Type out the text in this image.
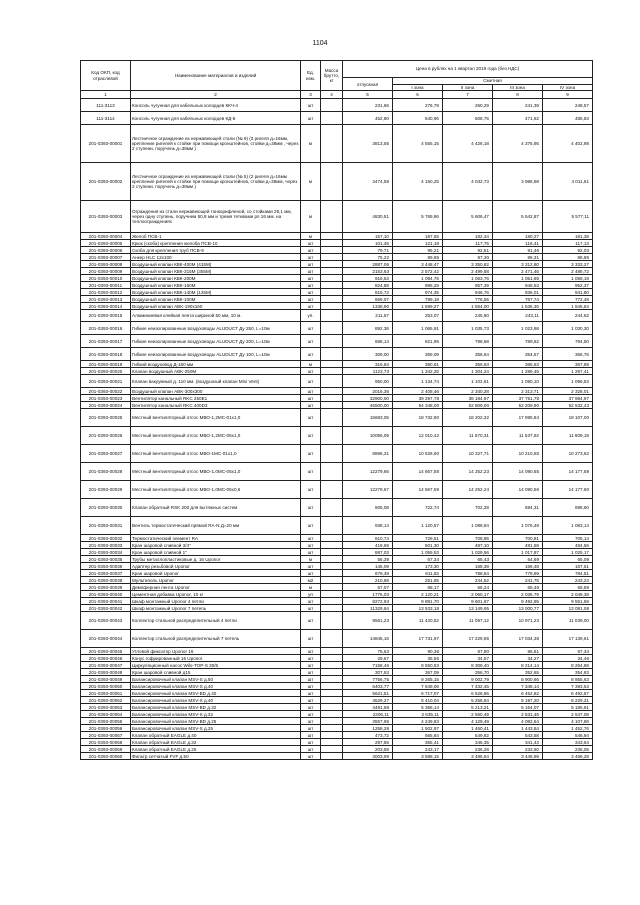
1104
Код ОКП, код отраслевой	Наименование материалов и изделий	Ед. изм.	Масса брутто, кг	Цена в рублях на 1 квартал 2019 года (без НДС)				
				отпускная	Сметная			
					I зона	II зона	III зона	IV зона
1	2	3	4	5	6	7	8	9
111-3113	Консоль чугунная для кабельных колодцев ККЧ-4	шт		231,66	276,79	260,29	241,39	248,57
111-3114	Консоль чугунная для кабельных колодцев КД-6	шт		452,80	540,96	508,75	471,62	485,83
201-0393-00001	Лестничное ограждение из нержавеющей стали (№ 9) (3 ригеля д=16мм, крепление ригелей к стойке при помощи кронштейнов, стойки д=38мм , через 2 ступени, поручень д=38мм )	м		3813,56	4 555,15	4 426,18	4 375,95	4 402,98
201-0393-00002	Лестничное ограждение из нержавеющей стали (№ 5) (2 ригеля д=16мм крепление ригелей к стойке при помощи кронштейнов, стойки д=38мм, через 2 ступени, поручень д=38мм )	м		3474,58	4 150,25	4 032,73	3 986,98	4 011,61
201-0393-00003	Ограждения из стали нержавеющей тонкорифленой, со стойками 26,1 мм, через одну ступень, поручнем 50,8 мм и тремя тетивами рп 16 мм. на теплоограждениях	м		4830,51	5 769,86	5 606,47	5 542,87	5 577,11
201-0393-00004	Желоб ПСВ-1	м		157,10	187,65	182,34	180,27	181,38
201-0393-00005	Крюк (скоба) крепления желоба ПСВ-10	шт		101,45	121,18	117,75	116,41	117,13
201-0393-00006	Скоба для крепления труб ПСВ-9	шт		79,71	95,21	92,51	91,46	92,03
201-0393-00007	Анкер HLC 12х100	шт		75,22	89,85	87,30	86,31	86,85
201-0393-00008	Воздушный клапан КВК-400М (415М)	шт		2887,06	3 448,47	3 350,82	3 312,80	3 333,27
201-0393-00009	Воздушный клапан КВК-315М (355М)	шт		2153,63	2 572,42	2 499,58	2 471,46	2 486,72
201-0393-00010	Воздушный клапан КВК-200М	шт		916,53	1 094,76	1 063,76	1 051,69	1 058,19
201-0393-00011	Воздушный клапан КВК-160М	шт		824,88	985,29	957,39	946,53	952,37
201-0393-00012	Воздушный клапан КВК-140М (125М)	шт		815,72	974,35	946,76	936,01	941,80
201-0393-00013	Воздушный клапан КВК-100М	шт		669,07	799,18	776,55	767,74	772,48
201-0393-00014	Воздушный клапан ABK-190х160	шт		1338,90	1 599,27	1 554,00	1 536,35	1 545,84
201-0393-00015	Алюминиевая клейкая лента шириной 50 мм, 10 м.	уп.		211,67	253,07	245,80	243,11	244,62
201-0393-00016	Гибкие неизолированные воздуховоды ALUDUCT Ду 250, L=10м	шт		892,36	1 065,91	1 035,73	1 023,98	1 030,30
201-0393-00017	Гибкие неизолированные воздуховоды ALUDUCT Ду 200, L=10м	шт		686,14	821,95	798,68	789,62	794,50
201-0393-00018	Гибкие неизолированные воздуховоды ALUDUCT Ду 100, L=10м	шт		309,00	369,09	358,64	354,57	356,76
201-0393-00019	Гибкий воздуховод Д-160 мм	м		316,84	380,61	369,83	365,63	367,89
201-0393-00020	Клапан воздушный ABK-250М	шт		1123,73	1 342,25	1 304,24	1 289,45	1 297,41
201-0393-00021	Клапан вакуумный д. 110 мм. (воздушный клапан Mini Vent)	шт		950,00	1 134,74	1 102,61	1 090,10	1 096,83
201-0393-00022	Воздушный клапан ABK-300х300	шт		2016,36	2 408,46	2 340,28	2 313,71	2 328,01
201-0393-00023	Вентилятор канальный RKC 250Е1	шт		32900,00	39 297,78	38 184,97	37 751,78	37 984,97
201-0393-00024	Вентилятор канальный RKC 400D3	шт		45500,00	54 348,00	52 809,00	52 209,90	52 532,43
201-0393-00025	Местный вентиляторный отсос МВО-1,2МС-01х1,0	шт		15683,05	18 732,80	18 202,32	17 995,84	18 107,00
201-0393-00026	Местный вентиляторный отсос МВО-1,2МС-05х1,0	шт		10055,09	12 010,42	11 670,31	11 537,92	11 609,19
201-0393-00027	Местный вентиляторный отсос МВО-1МС-01х1,0	шт		8896,31	10 626,60	10 327,71	10 210,55	10 273,62
201-0393-00028	Местный вентиляторный отсос МВО-1,0МС-05х1,0	шт		12279,66	14 667,58	14 252,23	14 090,55	14 177,59
201-0393-00029	Местный вентиляторный отсос МВО-1,0МС-05х0,6	шт		12279,67	14 567,59	14 252,24	14 090,56	14 177,60
201-0393-00030	Клапан обратный RSK 200 для вытяжных систем	шт		605,08	722,74	702,28	694,31	698,60
201-0393-00031	Вентиль термостатический прямой RA-N Д=20 мм	шт		938,14	1 120,57	1 088,84	1 076,49	1 083,14
201-0393-00032	Термостатический элемент RA	шт		610,74	729,51	708,85	700,81	705,14
201-0393-00033	Кран шаровой сливной 3/4"	шт		419,69	501,30	487,10	481,58	484,56
201-0393-00034	Кран шаровой сливной 1"	шт		887,03	1 059,53	1 029,56	1 017,87	1 025,17
201-0393-00035	Трубы металлопластиковые д. 16 Uponor	м		56,39	67,34	65,43	64,69	65,09
201-0393-00036	Адаптер резьбовой Uponor	шт		145,09	173,30	168,39	166,48	167,51
201-0393-00037	Кран шаровой Uponor	шт		679,49	811,62	788,64	779,69	784,51
201-0393-00038	Мультиполь Uponor	м2		210,68	251,65	244,52	241,75	243,24
201-0393-00039	Демпферная лента Uponor	м		57,07	68,17	66,24	65,49	65,89
201-0393-00040	Цементная добавка Uponor, 10 кг	уп		1775,03	2 120,21	2 060,17	2 036,79	2 049,38
201-0393-00041	Шкаф монтажный Uponor 4 петли	шт		8272,93	9 881,70	9 601,87	9 492,95	9 551,58
201-0393-00042	Шкаф монтажный Uponor 7 петель	шт		11329,94	13 533,18	13 149,95	13 000,77	13 081,08
201-0393-00043	Коллектор стальной распределительный 4 петли	шт		9561,23	11 420,52	11 097,12	10 971,23	11 039,00
201-0393-00044	Коллектор стальной распределительный 7 петель	шт		14845,16	17 731,97	17 229,85	17 034,38	17 139,61
201-0393-00045	Угловой фиксатор Uponor 16	шт		75,63	90,36	87,80	86,81	87,34
201-0393-00046	Конус гофрированный 16 Uponor	шт		29,67	35,56	34,57	34,27	34,46
201-0393-00047	Циркуляционный насос Wilo-TOP-S 30/5	шт		7158,46	8 550,53	8 308,40	8 214,14	8 264,88
201-0393-00048	Кран шаровой сливной д15	шт		307,53	367,09	356,70	352,65	354,83
201-0393-00049	Балансировочный клапан MSV-S д.50	шт		7756,75	9 265,15	9 002,79	8 900,66	8 955,63
201-0393-00050	Балансировочный клапан MSV-S д.40	шт		6403,77	7 649,06	7 432,45	7 348,14	7 393,53
201-0393-00051	Балансировочный клапан MSV-BD д.40	шт		5621,51	6 717,07	6 526,86	6 452,82	6 492,67
201-0393-00052	Балансировочный клапан MSV-S д.40	шт		4529,27	5 410,04	5 256,84	5 197,20	5 229,31
201-0393-00053	Балансировочный клапан MSV-BD д.32	шт		4491,68	5 365,14	5 213,21	5 154,07	5 185,91
201-0393-00054	Балансировочный клапан MSV-S д.32	шт		2206,11	2 635,11	2 560,49	2 531,45	2 547,08
201-0393-00055	Балансировочный клапан MSV-BD д.25	шт		3557,95	4 249,83	4 129,49	4 082,64	4 107,86
201-0393-00056	Балансировочный клапан MSV-S д.25	шт		1258,28	1 502,97	1 460,41	1 443,84	1 452,76
201-0393-00057	Клапан обратный EAGLE д.40	шт		473,72	565,84	549,82	543,58	546,94
201-0393-00058	Клапан обратный EAGLE д.32	шт		297,55	355,41	345,35	341,43	343,54
201-0393-00059	Клапан обратный EAGLE д.25	шт		203,58	243,17	236,28	233,60	235,05
201-0393-00060	Фильтр сетчатый FVF д.50	шт		3003,99	3 588,15	3 486,54	3 446,99	3 468,28
